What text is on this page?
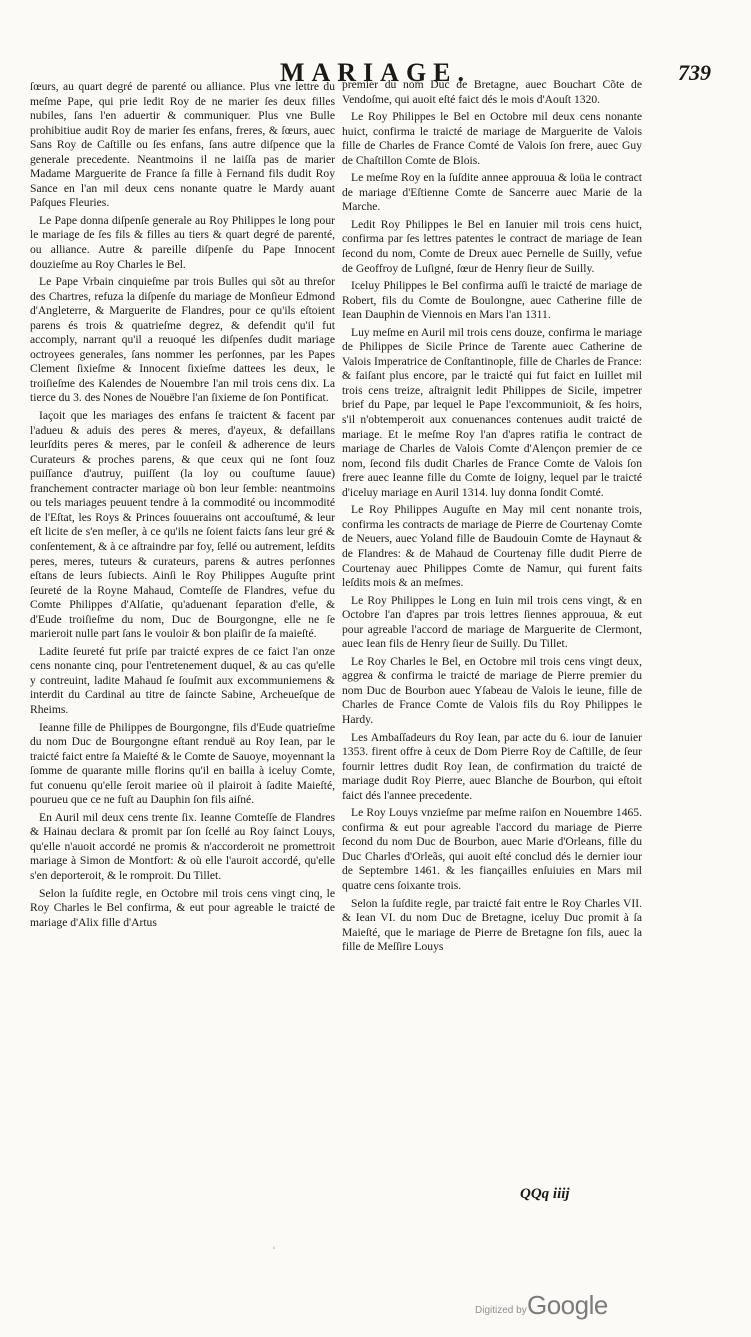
MARIAGE.	739

ſœurs, au quart degré de parenté ou alliance. Plus vne lettre du meſme Pape, qui prie ledit Roy de ne marier ſes deux filles nubiles, ſans l'en aduertir & communiquer. Plus vne Bulle prohibitiue audit Roy de marier ſes enfans, freres, & ſœurs, auec Sans Roy de Caſtille ou ſes enfans, ſans autre diſpence que la generale precedente. Neantmoins il ne laiſſa pas de marier Madame Marguerite de France ſa fille à Fernand fils dudit Roy Sance en l'an mil deux cens nonante quatre le Mardy auant Paſques Fleuries.

Le Pape donna diſpenſe generale au Roy Philippes le long pour le mariage de ſes fils & filles au tiers & quart degré de parenté, ou alliance. Autre & pareille diſpenſe du Pape Innocent douzieſme au Roy Charles le Bel.

Le Pape Vrbain cinquieſme par trois Bulles qui sõt au threſor des Chartres, refuza la diſpenſe du mariage de Monſieur Edmond d'Angleterre, & Marguerite de Flandres, pour ce qu'ils eſtoient parens és trois & quatrieſme degrez, & defendit qu'il fut accomply, narrant qu'il a reuoqué les diſpenſes dudit mariage octroyees generales, ſans nommer les perſonnes, par les Papes Clement ſixieſme & Innocent ſixieſme dattees les deux, le troiſieſme des Kalendes de Nouembre l'an mil trois cens dix. La tierce du 3. des Nones de Nouëbre l'an ſixieme de ſon Pontificat.

Iaçoit que les mariages des enfans ſe traictent & facent par l'adueu & aduis des peres & meres, d'ayeux, & defaillans leurſdits peres & meres, par le conſeil & adherence de leurs Curateurs & proches parens, & que ceux qui ne ſont ſouz puiſſance d'autruy, puiſſent (la loy ou couſtume ſauue) franchement contracter mariage où bon leur ſemble: neantmoins ou tels mariages peuuent tendre à la commodité ou incommodité de l'Eſtat, les Roys & Princes ſouuerains ont accouſtumé, & leur eſt licite de s'en meſler, à ce qu'ils ne ſoient faicts ſans leur gré & conſentement, & à ce aſtraindre par foy, ſellé ou autrement, leſdits peres, meres, tuteurs & curateurs, parens & autres perſonnes eſtans de leurs ſubiects. Ainſi le Roy Philippes Auguſte print ſeureté de la Royne Mahaud, Comteſſe de Flandres, vefue du Comte Philippes d'Alſatie, qu'aduenant ſeparation d'elle, & d'Eude troiſieſme du nom, Duc de Bourgongne, elle ne ſe marieroit nulle part ſans le vouloir & bon plaiſir de ſa maieſté.

Ladite ſeureté fut priſe par traicté expres de ce faict l'an onze cens nonante cinq, pour l'entretenement duquel, & au cas qu'elle y contreuint, ladite Mahaud ſe ſouſmit aux excommuniemens & interdit du Cardinal au titre de ſaincte Sabine, Archeueſque de Rheims.

Ieanne fille de Philippes de Bourgongne, fils d'Eude quatrieſme du nom Duc de Bourgongne eſtant renduë au Roy Iean, par le traicté faict entre ſa Maieſté & le Comte de Sauoye, moyennant la ſomme de quarante mille florins qu'il en bailla à iceluy Comte, fut conuenu qu'elle ſeroit mariee où il plairoit à ſadite Maieſté, pourueu que ce ne fuſt au Dauphin ſon fils aiſné.

En Auril mil deux cens trente ſix. Ieanne Comteſſe de Flandres & Hainau declara & promit par ſon ſcellé au Roy ſainct Louys, qu'elle n'auoit accordé ne promis & n'accorderoit ne promettroit mariage à Simon de Montfort: & où elle l'auroit accordé, qu'elle s'en deporteroit, & le romproit. Du Tillet.

Selon la ſuſdite regle, en Octobre mil trois cens vingt cinq, le Roy Charles le Bel confirma, & eut pour agreable le traicté de mariage d'Alix fille d'Artus

premier du nom Duc de Bretagne, auec Bouchart Cõte de Vendoſme, qui auoit eſté faict dés le mois d'Aouſt 1320.

Le Roy Philippes le Bel en Octobre mil deux cens nonante huict, confirma le traicté de mariage de Marguerite de Valois fille de Charles de France Comté de Valois ſon frere, auec Guy de Chaſtillon Comte de Blois.

Le meſme Roy en la ſuſdite annee approuua & loüa le contract de mariage d'Eſtienne Comte de Sancerre auec Marie de la Marche.

Ledit Roy Philippes le Bel en Ianuier mil trois cens huict, confirma par ſes lettres patentes le contract de mariage de Iean ſecond du nom, Comte de Dreux auec Pernelle de Suilly, vefue de Geoffroy de Luſigné, ſœur de Henry ſieur de Suilly.

Iceluy Philippes le Bel confirma auſſi le traicté de mariage de Robert, fils du Comte de Boulongne, auec Catherine fille de Iean Dauphin de Viennois en Mars l'an 1311.

Luy meſme en Auril mil trois cens douze, confirma le mariage de Philippes de Sicile Prince de Tarente auec Catherine de Valois Imperatrice de Conſtantinople, fille de Charles de France: & faiſant plus encore, par le traicté qui fut faict en Iuillet mil trois cens treize, aſtraignit ledit Philippes de Sicile, impetrer brief du Pape, par lequel le Pape l'excommunioit, & ſes hoirs, s'il n'obtemperoit aux conuenances contenues audit traicté de mariage. Et le meſme Roy l'an d'apres ratifia le contract de mariage de Charles de Valois Comte d'Alençon premier de ce nom, ſecond fils dudit Charles de France Comte de Valois ſon frere auec Ieanne fille du Comte de Ioigny, lequel par le traicté d'iceluy mariage en Auril 1314. luy donna ſondit Comté.

Le Roy Philippes Auguſte en May mil cent nonante trois, confirma les contracts de mariage de Pierre de Courtenay Comte de Neuers, auec Yoland fille de Baudouin Comte de Haynaut & de Flandres: & de Mahaud de Courtenay fille dudit Pierre de Courtenay auec Philippes Comte de Namur, qui furent faits leſdits mois & an meſmes.

Le Roy Philippes le Long en Iuin mil trois cens vingt, & en Octobre l'an d'apres par trois lettres ſiennes approuua, & eut pour agreable l'accord de mariage de Marguerite de Clermont, auec Iean fils de Henry ſieur de Suilly. Du Tillet.

Le Roy Charles le Bel, en Octobre mil trois cens vingt deux, aggrea & confirma le traicté de mariage de Pierre premier du nom Duc de Bourbon auec Yſabeau de Valois le ieune, fille de Charles de France Comte de Valois fils du Roy Philippes le Hardy.

Les Ambaſſadeurs du Roy Iean, par acte du 6. iour de Ianuier 1353. firent offre à ceux de Dom Pierre Roy de Caſtille, de ſeur fournir lettres dudit Roy Iean, de confirmation du traicté de mariage dudit Roy Pierre, auec Blanche de Bourbon, qui eſtoit faict dés l'annee precedente.

Le Roy Louys vnzieſme par meſme raiſon en Nouembre 1465. confirma & eut pour agreable l'accord du mariage de Pierre ſecond du nom Duc de Bourbon, auec Marie d'Orleans, fille du Duc Charles d'Orleãs, qui auoit eſté conclud dés le dernier iour de Septembre 1461. & les fiançailles enſuiuies en Mars mil quatre cens ſoixante trois.

Selon la ſuſdite regle, par traicté fait entre le Roy Charles VII. & Iean VI. du nom Duc de Bretagne, iceluy Duc promit à ſa Maieſté, que le mariage de Pierre de Bretagne ſon fils, auec la fille de Meſſire Louys

QQq iiij
ʿ
Digitized by Google
